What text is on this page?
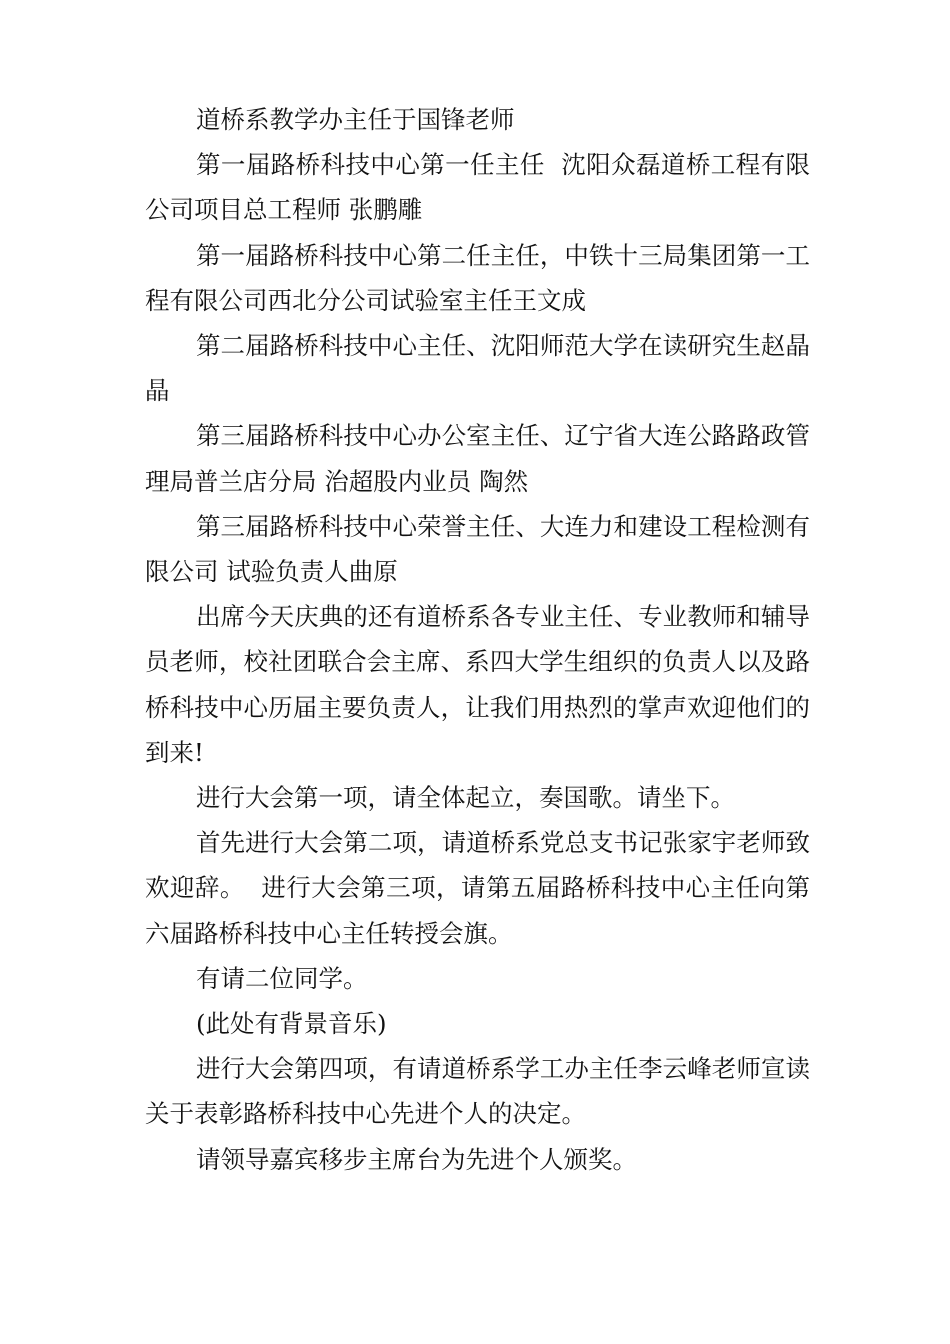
道桥系教学办主任于国锋老师

第一届路桥科技中心第一任主任  沈阳众磊道桥工程有限公司项目总工程师 张鹏雕

第一届路桥科技中心第二任主任，中铁十三局集团第一工程有限公司西北分公司试验室主任王文成

第二届路桥科技中心主任、沈阳师范大学在读研究生赵晶晶

第三届路桥科技中心办公室主任、辽宁省大连公路路政管理局普兰店分局 治超股内业员 陶然

第三届路桥科技中心荣誉主任、大连力和建设工程检测有限公司 试验负责人曲原

出席今天庆典的还有道桥系各专业主任、专业教师和辅导员老师，校社团联合会主席、系四大学生组织的负责人以及路桥科技中心历届主要负责人，让我们用热烈的掌声欢迎他们的到来!

进行大会第一项，请全体起立，奏国歌。请坐下。

首先进行大会第二项，请道桥系党总支书记张家宇老师致欢迎辞。  进行大会第三项，请第五届路桥科技中心主任向第六届路桥科技中心主任转授会旗。

有请二位同学。

(此处有背景音乐)

进行大会第四项，有请道桥系学工办主任李云峰老师宣读关于表彰路桥科技中心先进个人的决定。

请领导嘉宾移步主席台为先进个人颁奖。
